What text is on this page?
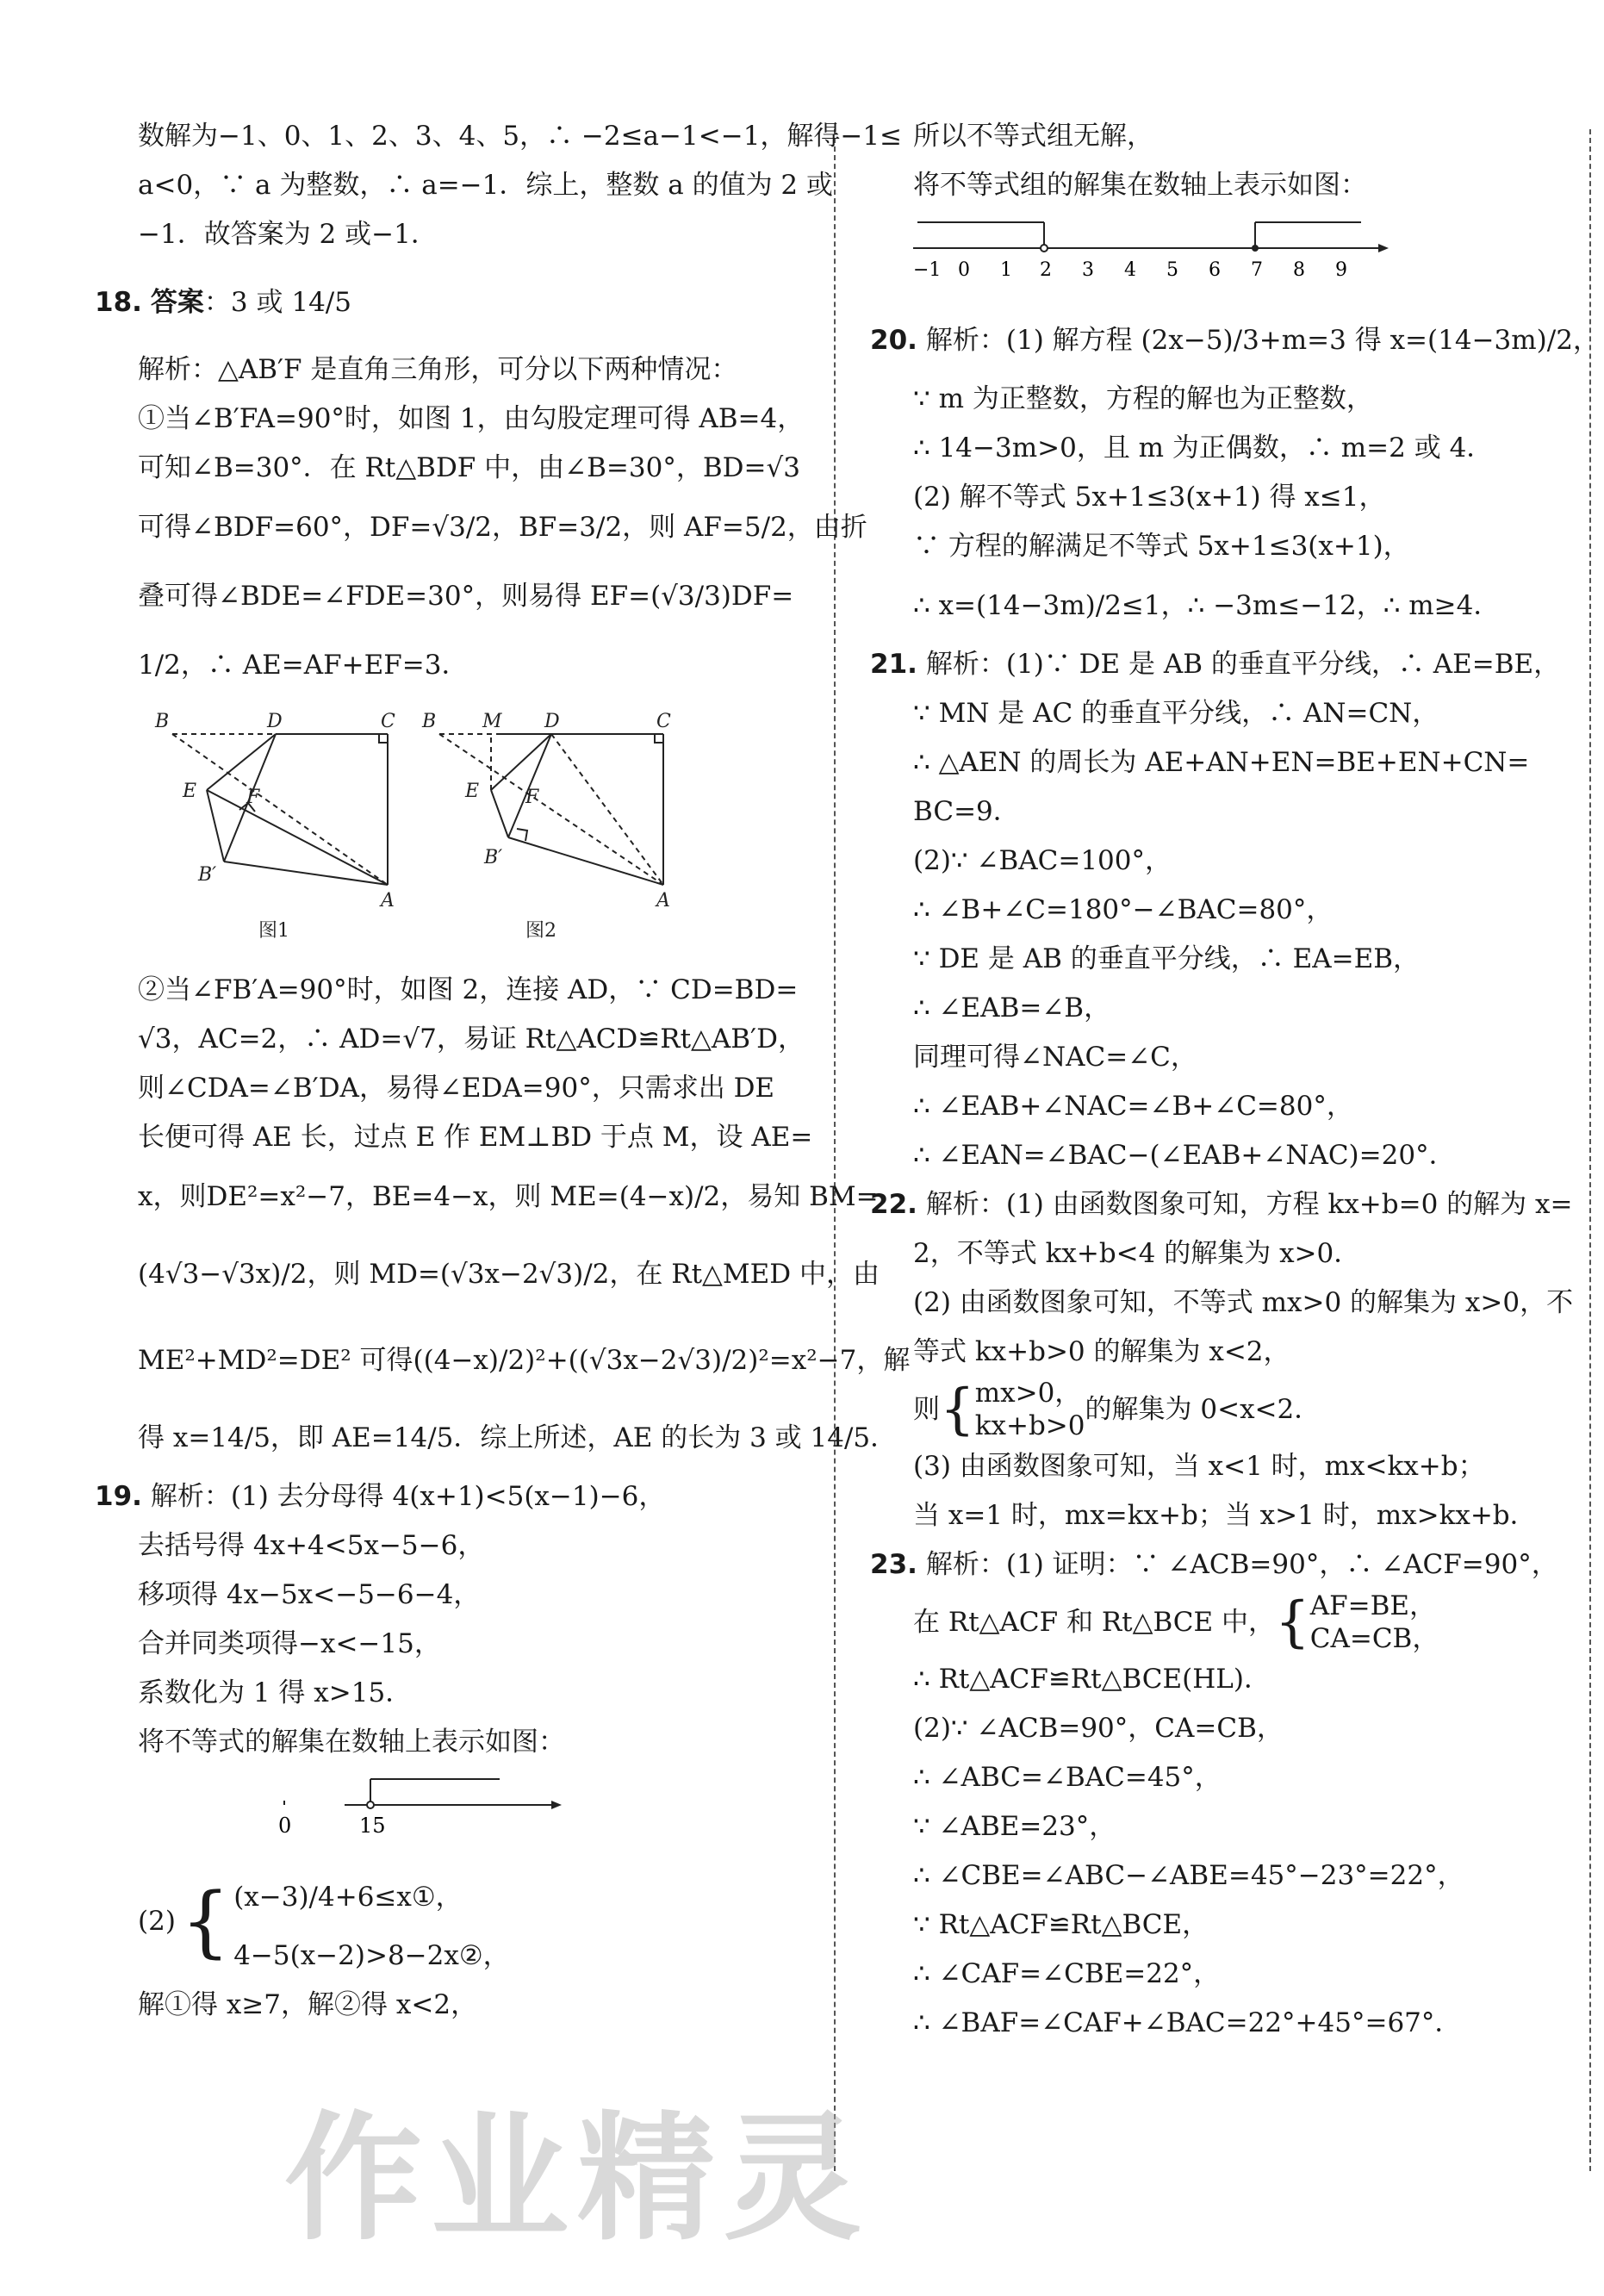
数解为−1、0、1、2、3、4、5，∴ −2≤a−1<−1，解得−1≤
a<0，∵ a 为整数，∴ a=−1．综上，整数 a 的值为 2 或
−1．故答案为 2 或−1．
18. 答案：3 或 14/5
解析：△AB′F 是直角三角形，可分以下两种情况：
①当∠B′FA=90°时，如图 1，由勾股定理可得 AB=4，
可知∠B=30°．在 Rt△BDF 中，由∠B=30°，BD=√3
可得∠BDF=60°，DF=√3/2，BF=3/2，则 AF=5/2，由折
叠可得∠BDE=∠FDE=30°，则易得 EF=(√3/3)DF=
1/2，∴ AE=AF+EF=3．
B	D	C
E	F
B′
A
图1
B M D	C
E F
B′
A
图2
②当∠FB′A=90°时，如图 2，连接 AD，∵ CD=BD=
√3，AC=2，∴ AD=√7，易证 Rt△ACD≌Rt△AB′D，
则∠CDA=∠B′DA，易得∠EDA=90°，只需求出 DE
长便可得 AE 长，过点 E 作 EM⊥BD 于点 M，设 AE=
x，则DE²=x²−7，BE=4−x，则 ME=(4−x)/2，易知 BM=
(4√3−√3x)/2，则 MD=(√3x−2√3)/2，在 Rt△MED 中，由
ME²+MD²=DE² 可得((4−x)/2)²+((√3x−2√3)/2)²=x²−7，解
得 x=14/5，即 AE=14/5．综上所述，AE 的长为 3 或 14/5．
19. 解析：(1) 去分母得 4(x+1)<5(x−1)−6，
去括号得 4x+4<5x−5−6，
移项得 4x−5x<−5−6−4，
合并同类项得−x<−15，
系数化为 1 得 x>15．
将不等式的解集在数轴上表示如图：
0	15
(2) { (x−3)/4+6≤x①，
4−5(x−2)>8−2x②，
解①得 x≥7，解②得 x<2，
所以不等式组无解，
将不等式组的解集在数轴上表示如图：
−1 0 1 2 3 4 5 6 7 8 9
20. 解析：(1) 解方程 (2x−5)/3+m=3 得 x=(14−3m)/2，
∵ m 为正整数，方程的解也为正整数，
∴ 14−3m>0，且 m 为正偶数，∴ m=2 或 4．
(2) 解不等式 5x+1≤3(x+1) 得 x≤1，
∵ 方程的解满足不等式 5x+1≤3(x+1)，
∴ x=(14−3m)/2≤1，∴ −3m≤−12，∴ m≥4．
21. 解析：(1)∵ DE 是 AB 的垂直平分线，∴ AE=BE，
∵ MN 是 AC 的垂直平分线，∴ AN=CN，
∴ △AEN 的周长为 AE+AN+EN=BE+EN+CN=
BC=9．
(2)∵ ∠BAC=100°，
∴ ∠B+∠C=180°−∠BAC=80°，
∵ DE 是 AB 的垂直平分线，∴ EA=EB，
∴ ∠EAB=∠B，
同理可得∠NAC=∠C，
∴ ∠EAB+∠NAC=∠B+∠C=80°，
∴ ∠EAN=∠BAC−(∠EAB+∠NAC)=20°．
22. 解析：(1) 由函数图象可知，方程 kx+b=0 的解为 x=
2，不等式 kx+b<4 的解集为 x>0．
(2) 由函数图象可知，不等式 mx>0 的解集为 x>0，不
等式 kx+b>0 的解集为 x<2，
则 { mx>0，
kx+b>0
的解集为 0<x<2．
(3) 由函数图象可知，当 x<1 时，mx<kx+b；
当 x=1 时，mx=kx+b；当 x>1 时，mx>kx+b．
23. 解析：(1) 证明：∵ ∠ACB=90°，∴ ∠ACF=90°，
在 Rt△ACF 和 Rt△BCE 中， { AF=BE，
CA=CB，
∴ Rt△ACF≌Rt△BCE(HL)．
(2)∵ ∠ACB=90°，CA=CB，
∴ ∠ABC=∠BAC=45°，
∵ ∠ABE=23°，
∴ ∠CBE=∠ABC−∠ABE=45°−23°=22°，
∵ Rt△ACF≌Rt△BCE，
∴ ∠CAF=∠CBE=22°，
∴ ∠BAF=∠CAF+∠BAC=22°+45°=67°．
作业精灵
